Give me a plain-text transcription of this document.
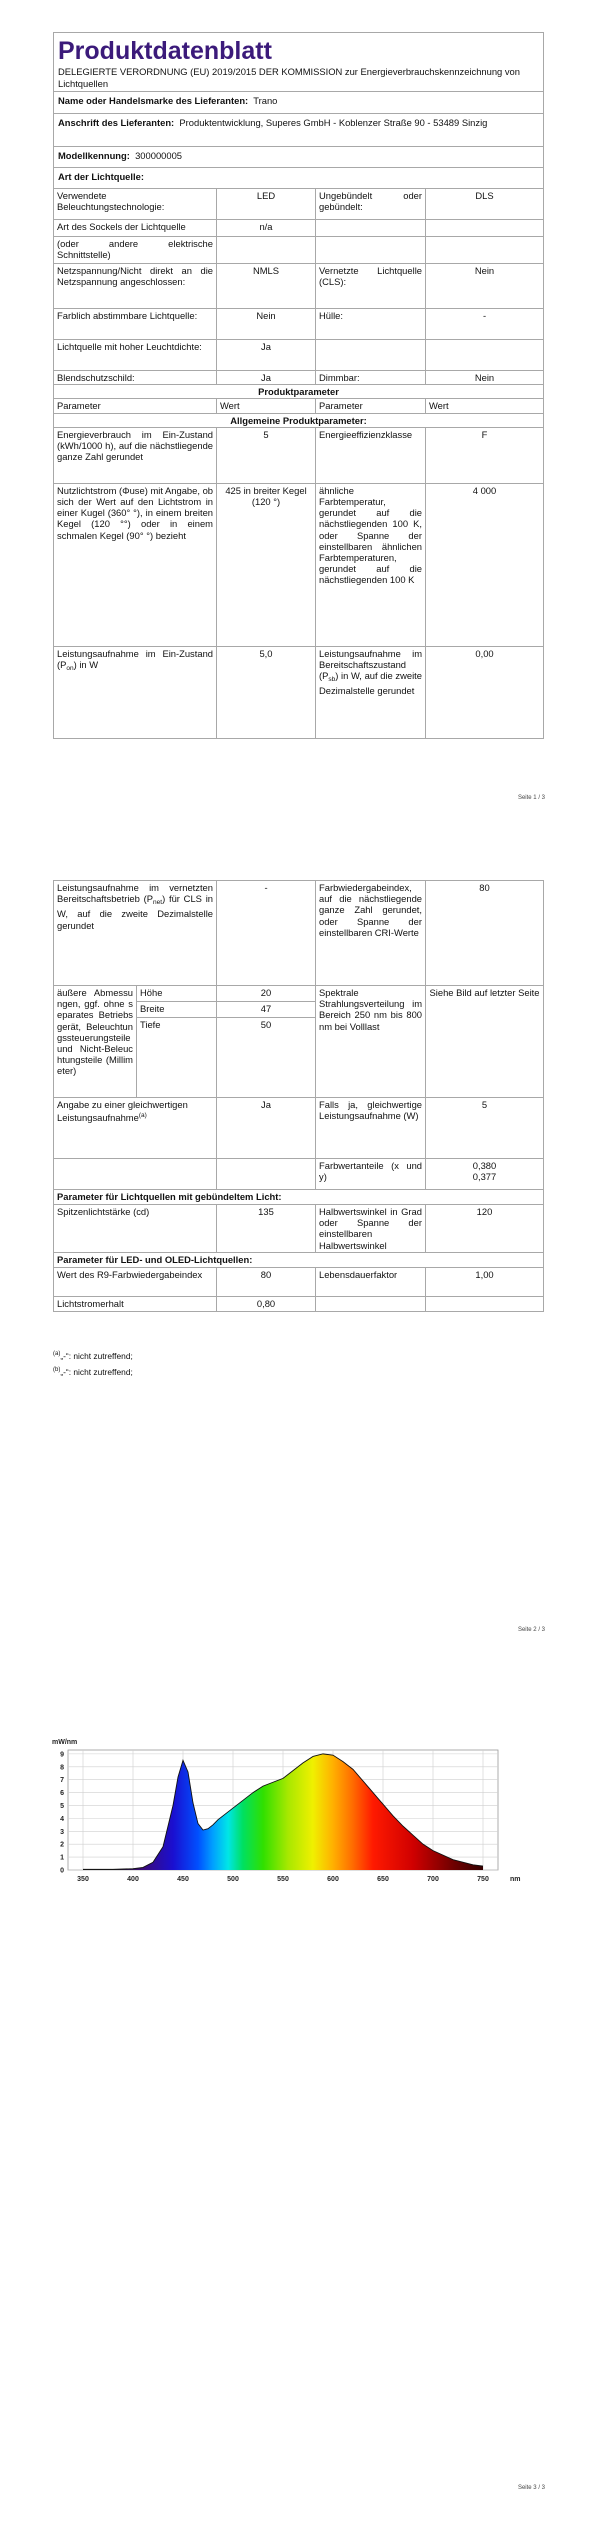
Produktdatenblatt
DELEGIERTE VERORDNUNG (EU) 2019/2015 DER KOMMISSION zur Energieverbrauchskennzeichnung von Lichtquellen			

Name oder Handelsmarke des Lieferanten: Trano			
Anschrift des Lieferanten: Produktentwicklung, Superes GmbH - Koblenzer Straße 90 - 53489 Sinzig			
Modellkennung: 300000005			
Art der Lichtquelle:			
Verwendete Beleuchtungstechnologie:	LED	Ungebündelt oder gebündelt:	DLS
Art des Sockels der Lichtquelle	n/a		
(oder andere elektrische Schnittstelle)			
Netzspannung/Nicht direkt an die Netzspannung angeschlossen:	NMLS	Vernetzte Lichtquelle (CLS):	Nein
Farblich abstimmbare Lichtquelle:	Nein	Hülle:	-
Lichtquelle mit hoher Leuchtdichte:	Ja		
Blendschutzschild:	Ja	Dimmbar:	Nein
Produktparameter			
Parameter	Wert	Parameter	Wert
Allgemeine Produktparameter:			
Energieverbrauch im Ein-Zustand (kWh/1000 h), auf die nächstliegende ganze Zahl gerundet	5	Energieeffizienzklasse	F
Nutzlichtstrom (Φuse) mit Angabe, ob sich der Wert auf den Lichtstrom in einer Kugel (360° °), in einem breiten Kegel (120 °°) oder in einem schmalen Kegel (90° °) bezieht	425 in breiter Kegel (120 °)	ähnliche Farbtemperatur, gerundet auf die nächstliegenden 100 K, oder Spanne der einstellbaren ähnlichen Farbtemperaturen, gerundet auf die nächstliegenden 100 K	4 000
Leistungsaufnahme im Ein-Zustand $(P_{on})$ in W	5,0	Leistungsaufnahme im Bereitschaftszustand $(P_{sb})$ in W, auf die zweite Dezimalstelle gerundet	0,00
Seite 1 / 3
Leistungsaufnahme im vernetzten Bereitschaftsbetrieb $(P_{net})$ für CLS in W, auf die zweite Dezimalstelle gerundet		-	Farbwiedergabeindex, auf die nächstliegende ganze Zahl gerundet, oder Spanne der einstellbaren CRI-Werte	80
äußere Abmessungen, ggf. ohne separates Betriebsgerät, Beleuchtungssteuerungsteile und Nicht-Beleuchtungsteile (Millimeter)	Höhe	20	Spektrale Strahlungsverteilung im Bereich 250 nm bis 800 nm bei Volllast	Siehe Bild auf letzter Seite
	Breite	47		
	Tiefe	50		
Angabe zu einer gleichwertigen Leistungsaufnahme$^{(a)}$		Ja	Falls ja, gleichwertige Leistungsaufnahme (W)	5
			Farbwertanteile (x und y)	0,380
0,377

Parameter für Lichtquellen mit gebündeltem Licht:				
Spitzenlichtstärke (cd)		135	Halbwertswinkel in Grad oder Spanne der einstellbaren Halbwertswinkel	120
Parameter für LED- und OLED-Lichtquellen:				
Wert des R9-Farbwiedergabeindex		80	Lebensdauerfaktor	1,00
Lichtstromerhalt		0,80		
$^{(a)}$„-“: nicht zutreffend;
$^{(b)}$„-“: nicht zutreffend;
Seite 2 / 3
0
1
2
3
4
5
6
7
8
9
350	400	450	500	550	600	650	700	750
mW/nm
nm
Seite 3 / 3
